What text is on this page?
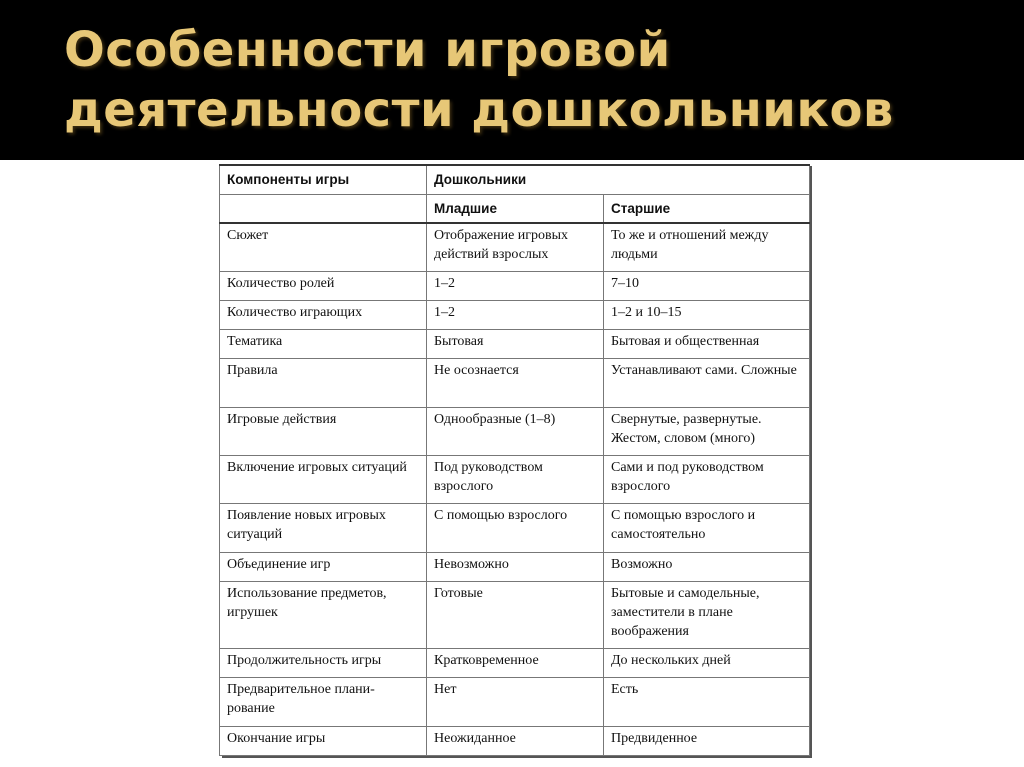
Особенности игровой
деятельности дошкольников
Компоненты игры	Дошкольники	
	Младшие	Старшие
Сюжет	Отображение игровых действий взрослых	То же и отношений между людьми
Количество ролей	1–2	7–10
Количество играющих	1–2	1–2 и 10–15
Тематика	Бытовая	Бытовая и общественная
Правила	Не осознается	Устанавливают сами. Сложные
Игровые действия	Однообразные (1–8)	Свернутые, развернутые. Жестом, словом (много)
Включение игровых ситуаций	Под руководством взрослого	Сами и под руководством взрослого
Появление новых игровых ситуаций	С помощью взрослого	С помощью взрослого и самостоятельно
Объединение игр	Невозможно	Возможно
Использование предметов, игрушек	Готовые	Бытовые и самодельные, заместители в плане воображения
Продолжительность игры	Кратковременное	До нескольких дней
Предварительное плани-рование	Нет	Есть
Окончание игры	Неожиданное	Предвиденное
